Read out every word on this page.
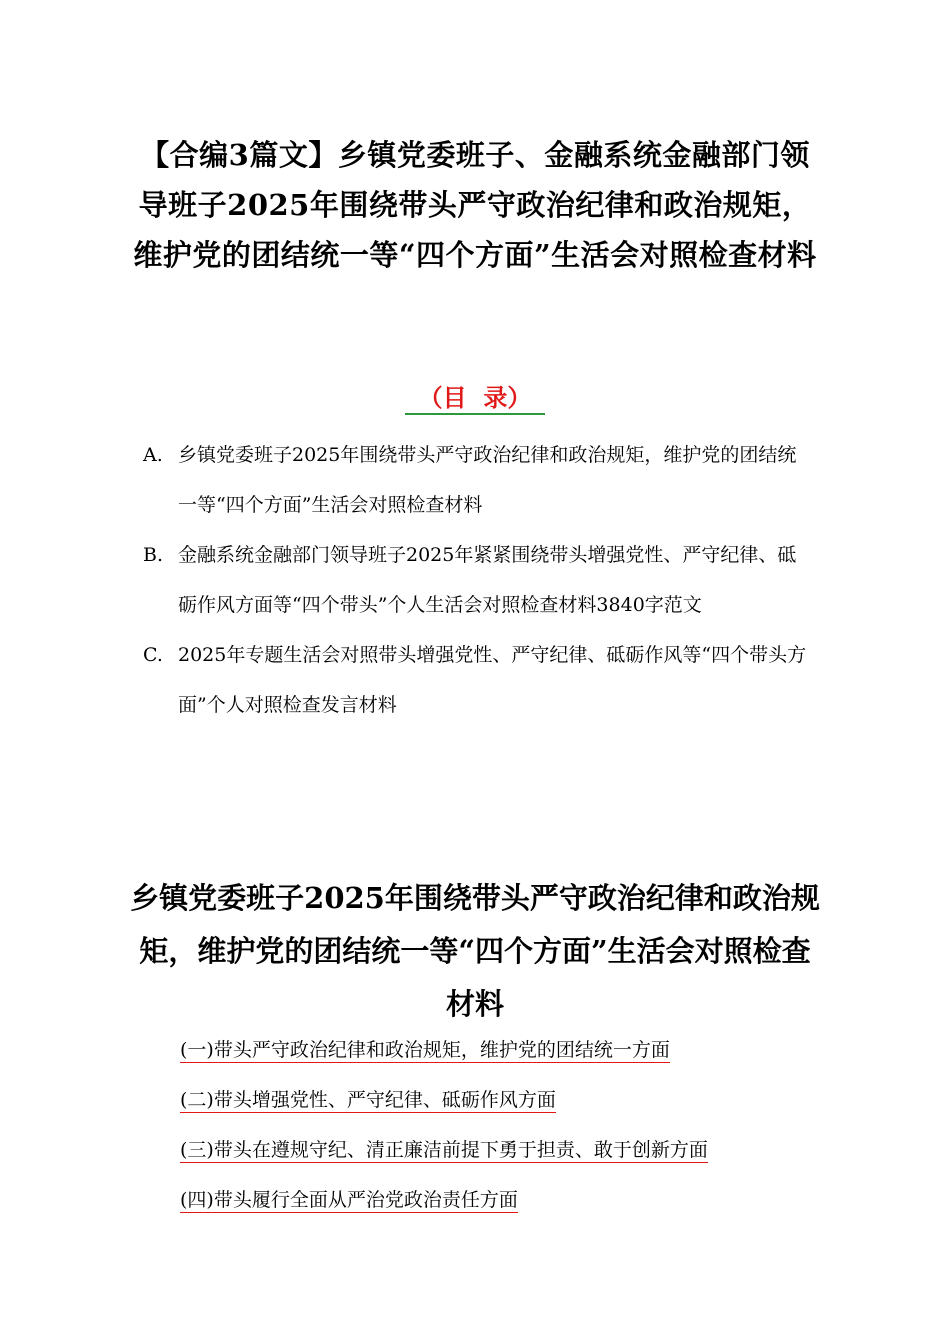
【合编3篇文】乡镇党委班子、金融系统金融部门领导班子2025年围绕带头严守政治纪律和政治规矩，维护党的团结统一等“四个方面”生活会对照检查材料
（目  录）
A. 乡镇党委班子2025年围绕带头严守政治纪律和政治规矩，维护党的团结统一等“四个方面”生活会对照检查材料
B. 金融系统金融部门领导班子2025年紧紧围绕带头增强党性、严守纪律、砥砺作风方面等“四个带头”个人生活会对照检查材料3840字范文
C. 2025年专题生活会对照带头增强党性、严守纪律、砥砺作风等“四个带头方面”个人对照检查发言材料
乡镇党委班子2025年围绕带头严守政治纪律和政治规矩，维护党的团结统一等“四个方面”生活会对照检查材料
(一)带头严守政治纪律和政治规矩，维护党的团结统一方面
(二)带头增强党性、严守纪律、砥砺作风方面
(三)带头在遵规守纪、清正廉洁前提下勇于担责、敢于创新方面
(四)带头履行全面从严治党政治责任方面
